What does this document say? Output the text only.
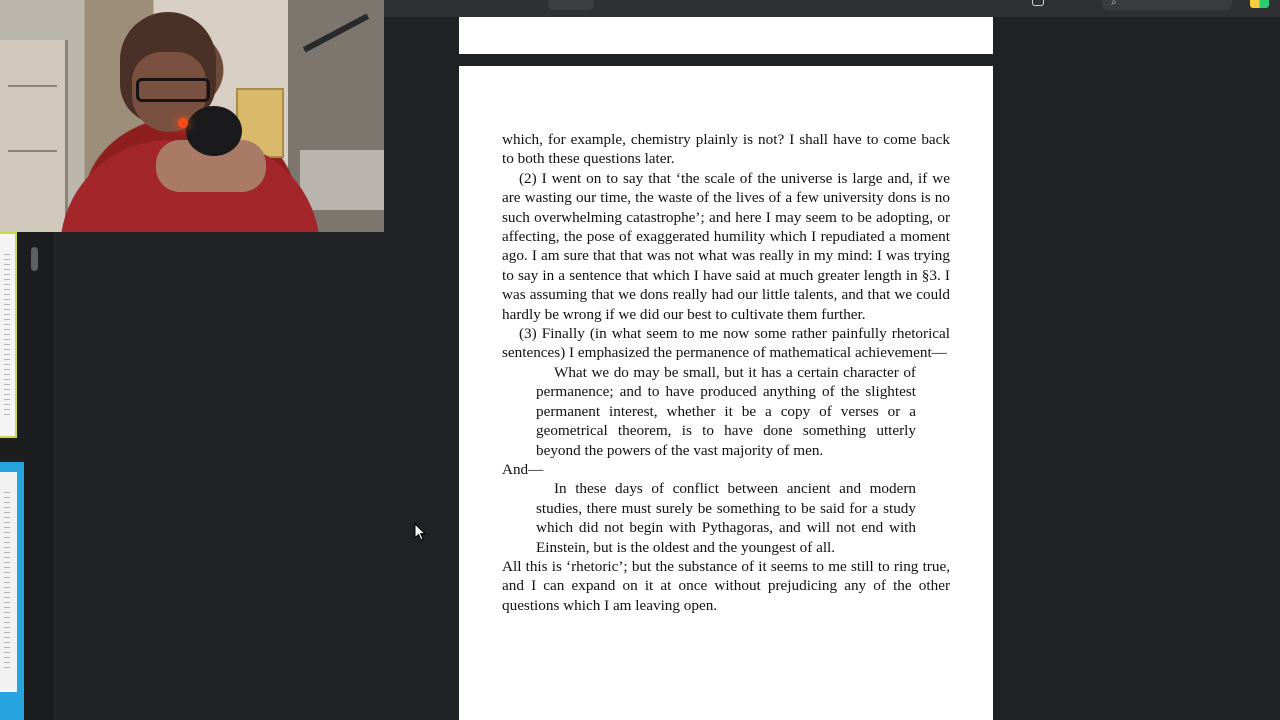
⌕

which, for example, chemistry plainly is not? I shall have to come back to both these questions later.

(2) I went on to say that ‘the scale of the universe is large and, if we are wasting our time, the waste of the lives of a few university dons is no such overwhelming catastrophe’; and here I may seem to be adopting, or affecting, the pose of exaggerated humility which I repudiated a moment ago. I am sure that that was not what was really in my mind: I was trying to say in a sentence that which I have said at much greater length in §3. I was assuming that we dons really had our little talents, and that we could hardly be wrong if we did our best to cultivate them further.

(3) Finally (in what seem to me now some rather painfully rhetorical sentences) I emphasized the permanence of mathematical achievement—

What we do may be small, but it has a certain character of permanence; and to have produced anything of the slightest permanent interest, whether it be a copy of verses or a geometrical theorem, is to have done something utterly beyond the powers of the vast majority of men.

And—

In these days of conflict between ancient and modern studies, there must surely be something to be said for a study which did not begin with Pythagoras, and will not end with Einstein, but is the oldest and the youngest of all.

All this is ‘rhetoric’; but the substance of it seems to me still to ring true, and I can expand on it at once without prejudicing any of the other questions which I am leaving open.
